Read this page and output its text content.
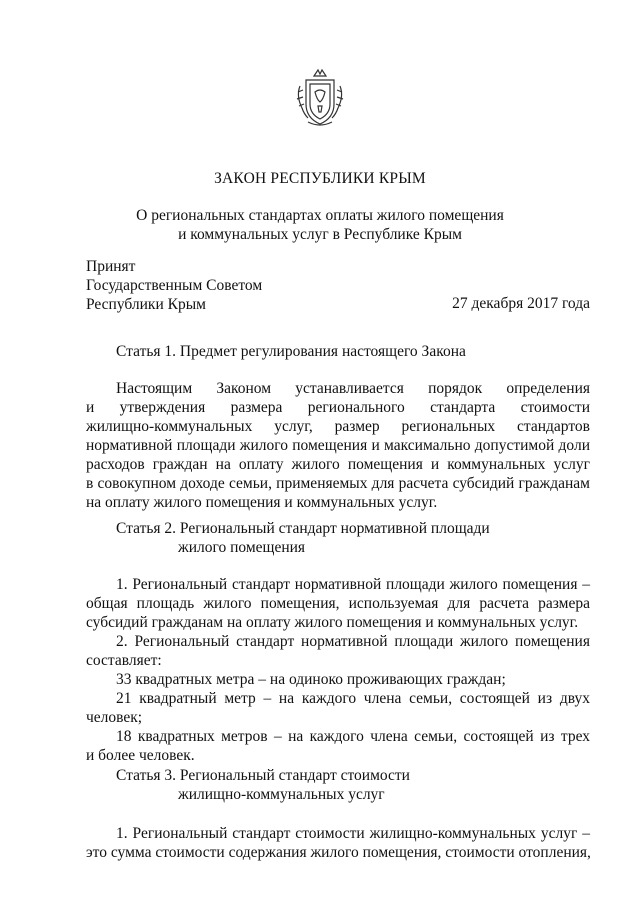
ЗАКОН РЕСПУБЛИКИ КРЫМ
О региональных стандартах оплаты жилого помещения
и коммунальных услуг в Республике Крым
Принят
Государственным Советом
Республики Крым	27 декабря 2017 года
Статья 1. Предмет регулирования настоящего Закона
Настоящим Законом устанавливается порядок определения
и утверждения размера регионального стандарта стоимости
жилищно-коммунальных услуг, размер региональных стандартов
нормативной площади жилого помещения и максимально допустимой доли
расходов граждан на оплату жилого помещения и коммунальных услуг
в совокупном доходе семьи, применяемых для расчета субсидий гражданам
на оплату жилого помещения и коммунальных услуг.
Статья 2. Региональный стандарт нормативной площади
жилого помещения
1. Региональный стандарт нормативной площади жилого помещения –
общая площадь жилого помещения, используемая для расчета размера
субсидий гражданам на оплату жилого помещения и коммунальных услуг.
2. Региональный стандарт нормативной площади жилого помещения
составляет:
33 квадратных метра – на одиноко проживающих граждан;
21 квадратный метр – на каждого члена семьи, состоящей из двух
человек;
18 квадратных метров – на каждого члена семьи, состоящей из трех
и более человек.
Статья 3. Региональный стандарт стоимости
жилищно-коммунальных услуг
1. Региональный стандарт стоимости жилищно-коммунальных услуг –
это сумма стоимости содержания жилого помещения, стоимости отопления,
